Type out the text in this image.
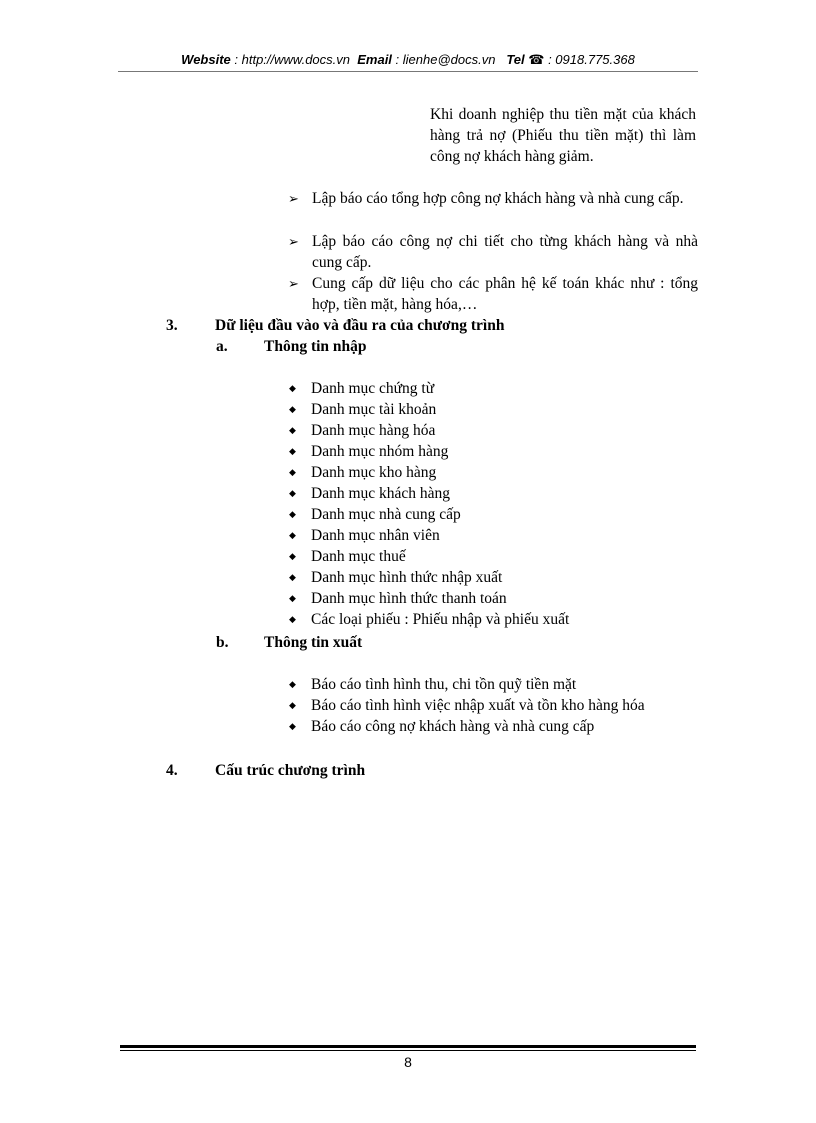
Website : http://www.docs.vn Email : lienhe@docs.vn Tel ☎ : 0918.775.368
Khi doanh nghiệp thu tiền mặt của khách hàng trả nợ (Phiếu thu tiền mặt) thì làm công nợ khách hàng giảm.
➢ Lập báo cáo tổng hợp công nợ khách hàng và nhà cung cấp.
➢ Lập báo cáo công nợ chi tiết cho từng khách hàng và nhà cung cấp.
➢ Cung cấp dữ liệu cho các phân hệ kế toán khác như : tổng hợp, tiền mặt, hàng hóa,…
3. Dữ liệu đầu vào và đầu ra của chương trình
a. Thông tin nhập
◆ Danh mục chứng từ
◆ Danh mục tài khoản
◆ Danh mục hàng hóa
◆ Danh mục nhóm hàng
◆ Danh mục kho hàng
◆ Danh mục khách hàng
◆ Danh mục nhà cung cấp
◆ Danh mục nhân viên
◆ Danh mục thuế
◆ Danh mục hình thức nhập xuất
◆ Danh mục hình thức thanh toán
◆ Các loại phiếu : Phiếu nhập và phiếu xuất
b. Thông tin xuất
◆ Báo cáo tình hình thu, chi tồn quỹ tiền mặt
◆ Báo cáo tình hình việc nhập xuất và tồn kho hàng hóa
◆ Báo cáo công nợ khách hàng và nhà cung cấp
4. Cấu trúc chương trình
8
